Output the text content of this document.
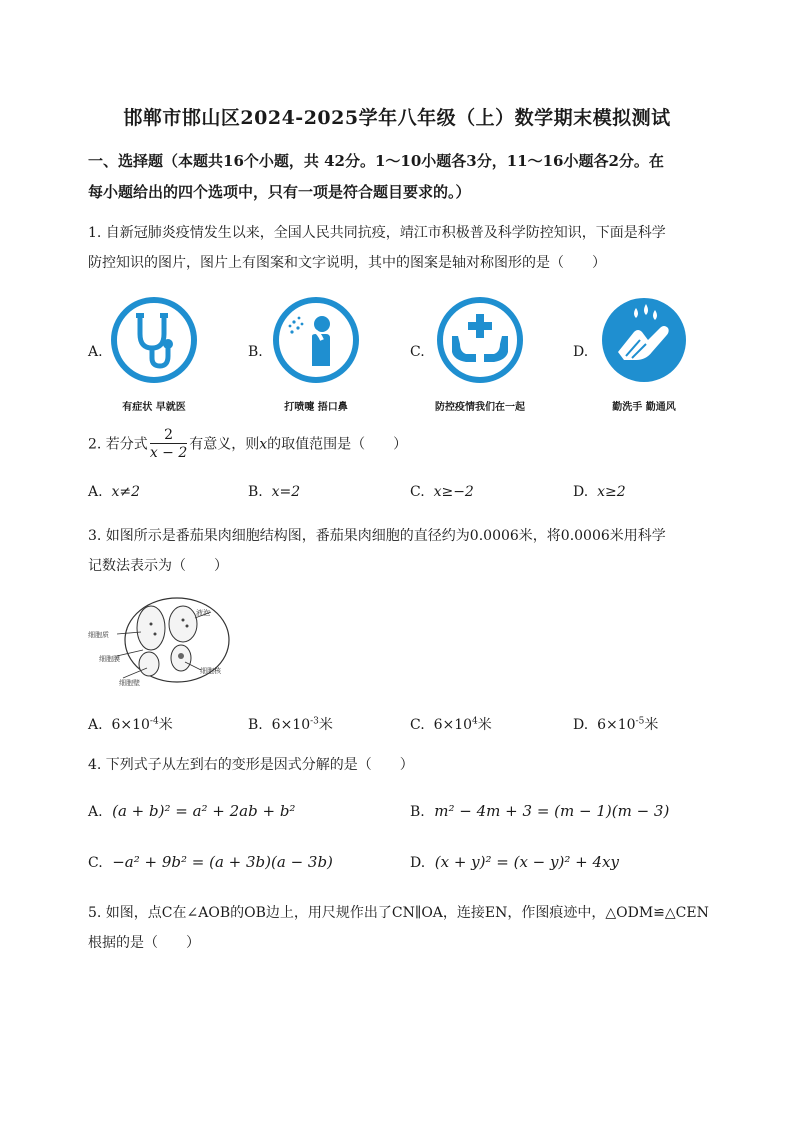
邯郸市邯山区2024-2025学年八年级（上）数学期末模拟测试
一、选择题（本题共16个小题，共 42分。1～10小题各3分，11～16小题各2分。在
每小题给出的四个选项中，只有一项是符合题目要求的。）
1. 自新冠肺炎疫情发生以来，全国人民共同抗疫，靖江市积极普及科学防控知识，下面是科学
防控知识的图片，图片上有图案和文字说明，其中的图案是轴对称图形的是（　　）
A.	B.	C.	D.
有症状 早就医	打喷嚏 捂口鼻	防控疫情我们在一起	勤洗手 勤通风
2. 若分式 $\frac{2}{x - 2}$ 有意义，则x的取值范围是（　　）
A. x≠2	B. x=2	C. x≥−2	D. x≥2
3. 如图所示是番茄果肉细胞结构图，番茄果肉细胞的直径约为0.0006米，将0.0006米用科学
记数法表示为（　　）
细胞质
细胞膜
细胞壁
液泡
细胞核
A. $6\times 10^{-4}$米	B. $6\times 10^{-3}$米	C. $6\times 10^4$米	D. $6\times 10^{-5}$米
4. 下列式子从左到右的变形是因式分解的是（　　）
A. (a + b)² = a² + 2ab + b²	B. m² − 4m + 3 = (m − 1)(m − 3)
C. −a² + 9b² = (a + 3b)(a − 3b)	D. (x + y)² = (x − y)² + 4xy
5. 如图，点C在∠AOB的OB边上，用尺规作出了CN∥OA，连接EN，作图痕迹中，△ODM≌△CEN
根据的是（　　）
